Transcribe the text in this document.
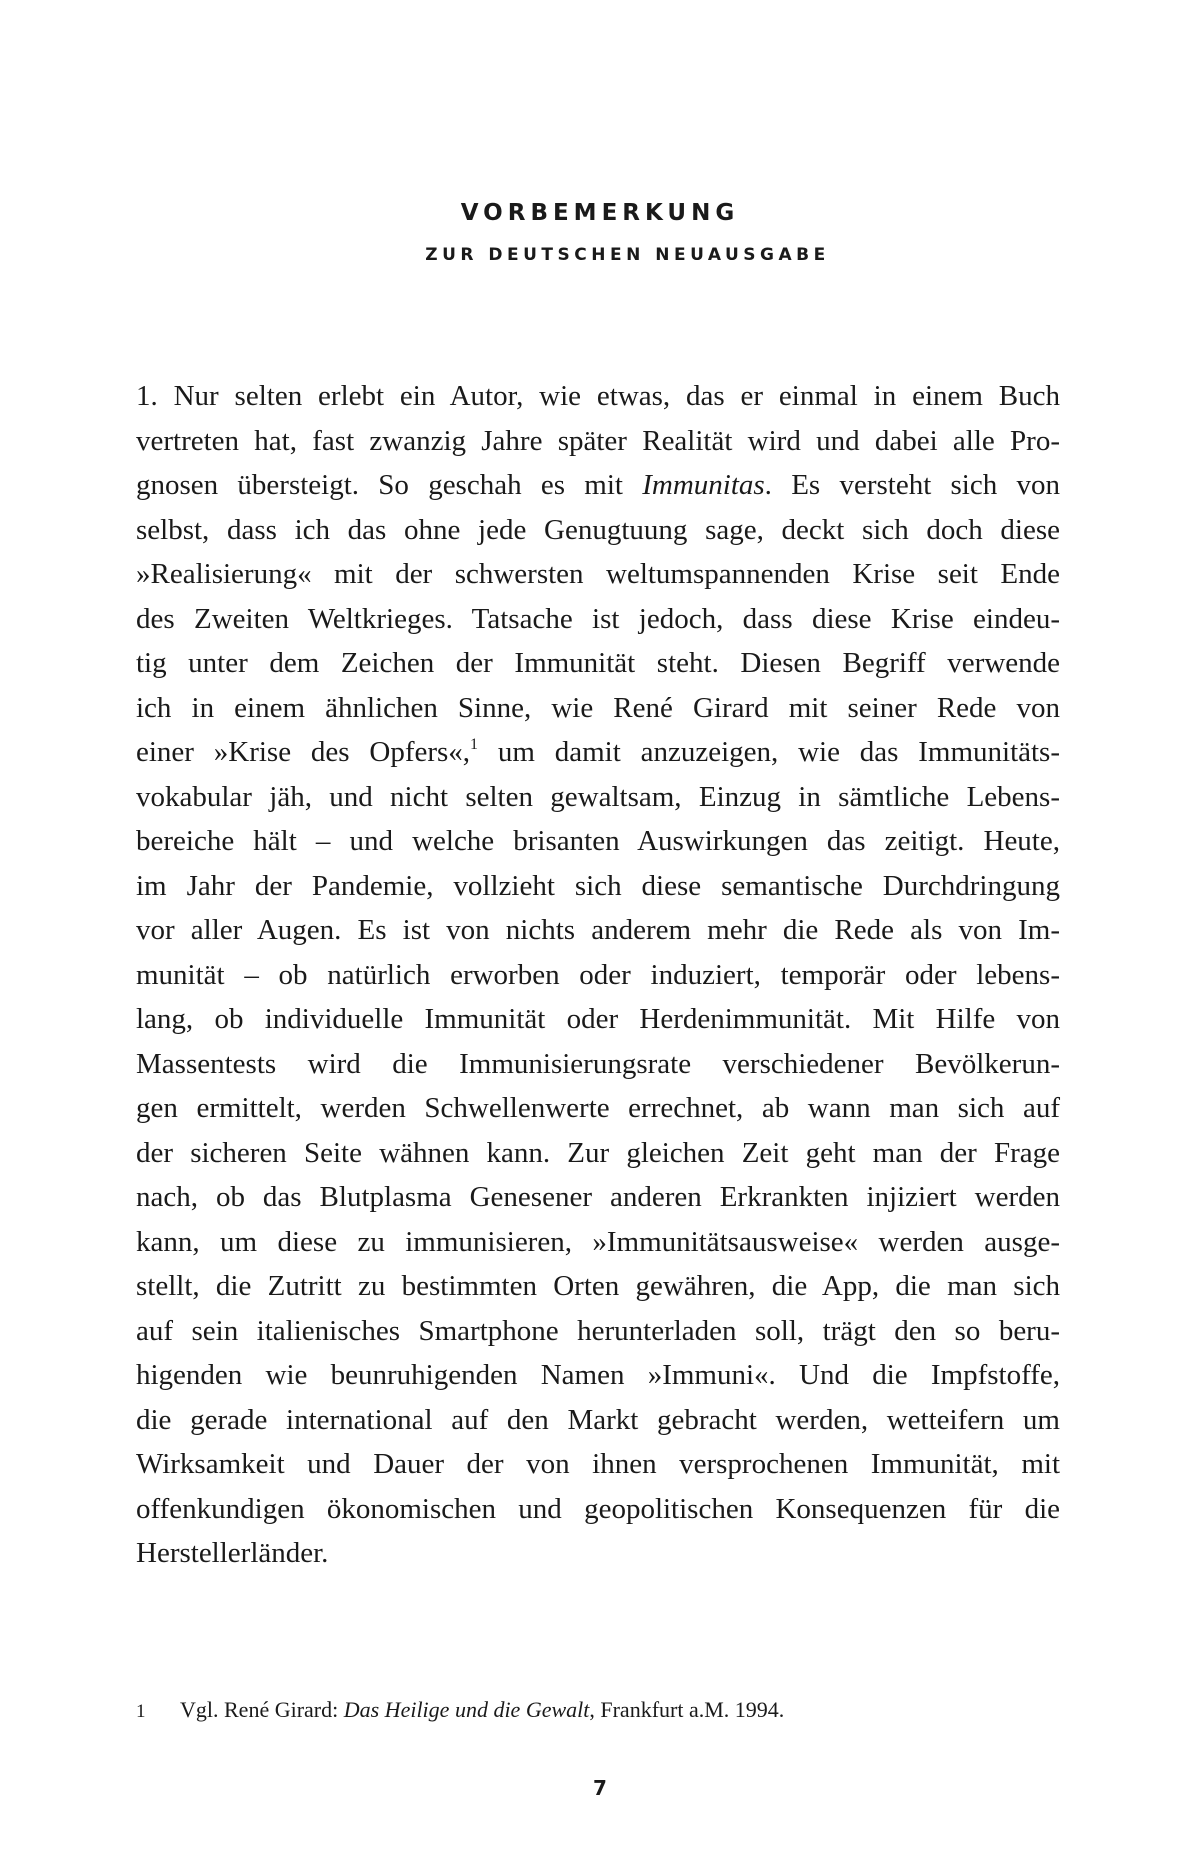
VORBEMERKUNG
ZUR DEUTSCHEN NEUAUSGABE
1. Nur selten erlebt ein Autor, wie etwas, das er einmal in einem Buch
vertreten hat, fast zwanzig Jahre später Realität wird und dabei alle Pro-
gnosen übersteigt. So geschah es mit Immunitas. Es versteht sich von
selbst, dass ich das ohne jede Genugtuung sage, deckt sich doch diese
»Realisierung« mit der schwersten weltumspannenden Krise seit Ende
des Zweiten Weltkrieges. Tatsache ist jedoch, dass diese Krise eindeu-
tig unter dem Zeichen der Immunität steht. Diesen Begriff verwende
ich in einem ähnlichen Sinne, wie René Girard mit seiner Rede von
einer »Krise des Opfers«,$^1$ um damit anzuzeigen, wie das Immunitäts-
vokabular jäh, und nicht selten gewaltsam, Einzug in sämtliche Lebens-
bereiche hält – und welche brisanten Auswirkungen das zeitigt. Heute,
im Jahr der Pandemie, vollzieht sich diese semantische Durchdringung
vor aller Augen. Es ist von nichts anderem mehr die Rede als von Im-
munität – ob natürlich erworben oder induziert, temporär oder lebens-
lang, ob individuelle Immunität oder Herdenimmunität. Mit Hilfe von
Massentests wird die Immunisierungsrate verschiedener Bevölkerun-
gen ermittelt, werden Schwellenwerte errechnet, ab wann man sich auf
der sicheren Seite wähnen kann. Zur gleichen Zeit geht man der Frage
nach, ob das Blutplasma Genesener anderen Erkrankten injiziert werden
kann, um diese zu immunisieren, »Immunitätsausweise« werden ausge-
stellt, die Zutritt zu bestimmten Orten gewähren, die App, die man sich
auf sein italienisches Smartphone herunterladen soll, trägt den so beru-
higenden wie beunruhigenden Namen »Immuni«. Und die Impfstoffe,
die gerade international auf den Markt gebracht werden, wetteifern um
Wirksamkeit und Dauer der von ihnen versprochenen Immunität, mit
offenkundigen ökonomischen und geopolitischen Konsequenzen für die
Herstellerländer.
1 Vgl. René Girard: Das Heilige und die Gewalt, Frankfurt a.M. 1994.
7
